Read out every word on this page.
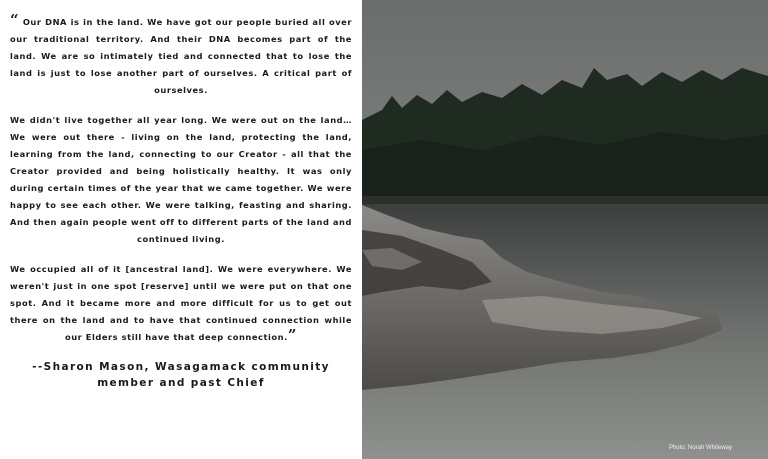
“ Our DNA is in the land. We have got our people buried all over our traditional territory. And their DNA becomes part of the land. We are so intimately tied and connected that to lose the land is just to lose another part of ourselves. A critical part of ourselves.

We didn't live together all year long. We were out on the land… We were out there - living on the land, protecting the land, learning from the land, connecting to our Creator - all that the Creator provided and being holistically healthy. It was only during certain times of the year that we came together. We were happy to see each other. We were talking, feasting and sharing. And then again people went off to different parts of the land and continued living.

We occupied all of it [ancestral land]. We were everywhere. We weren't just in one spot [reserve] until we were put on that one spot. And it became more and more difficult for us to get out there on the land and to have that continued connection while our Elders still have that deep connection.”

--Sharon Mason, Wasagamack community
member and past Chief
Photo: Norah Whiteway
